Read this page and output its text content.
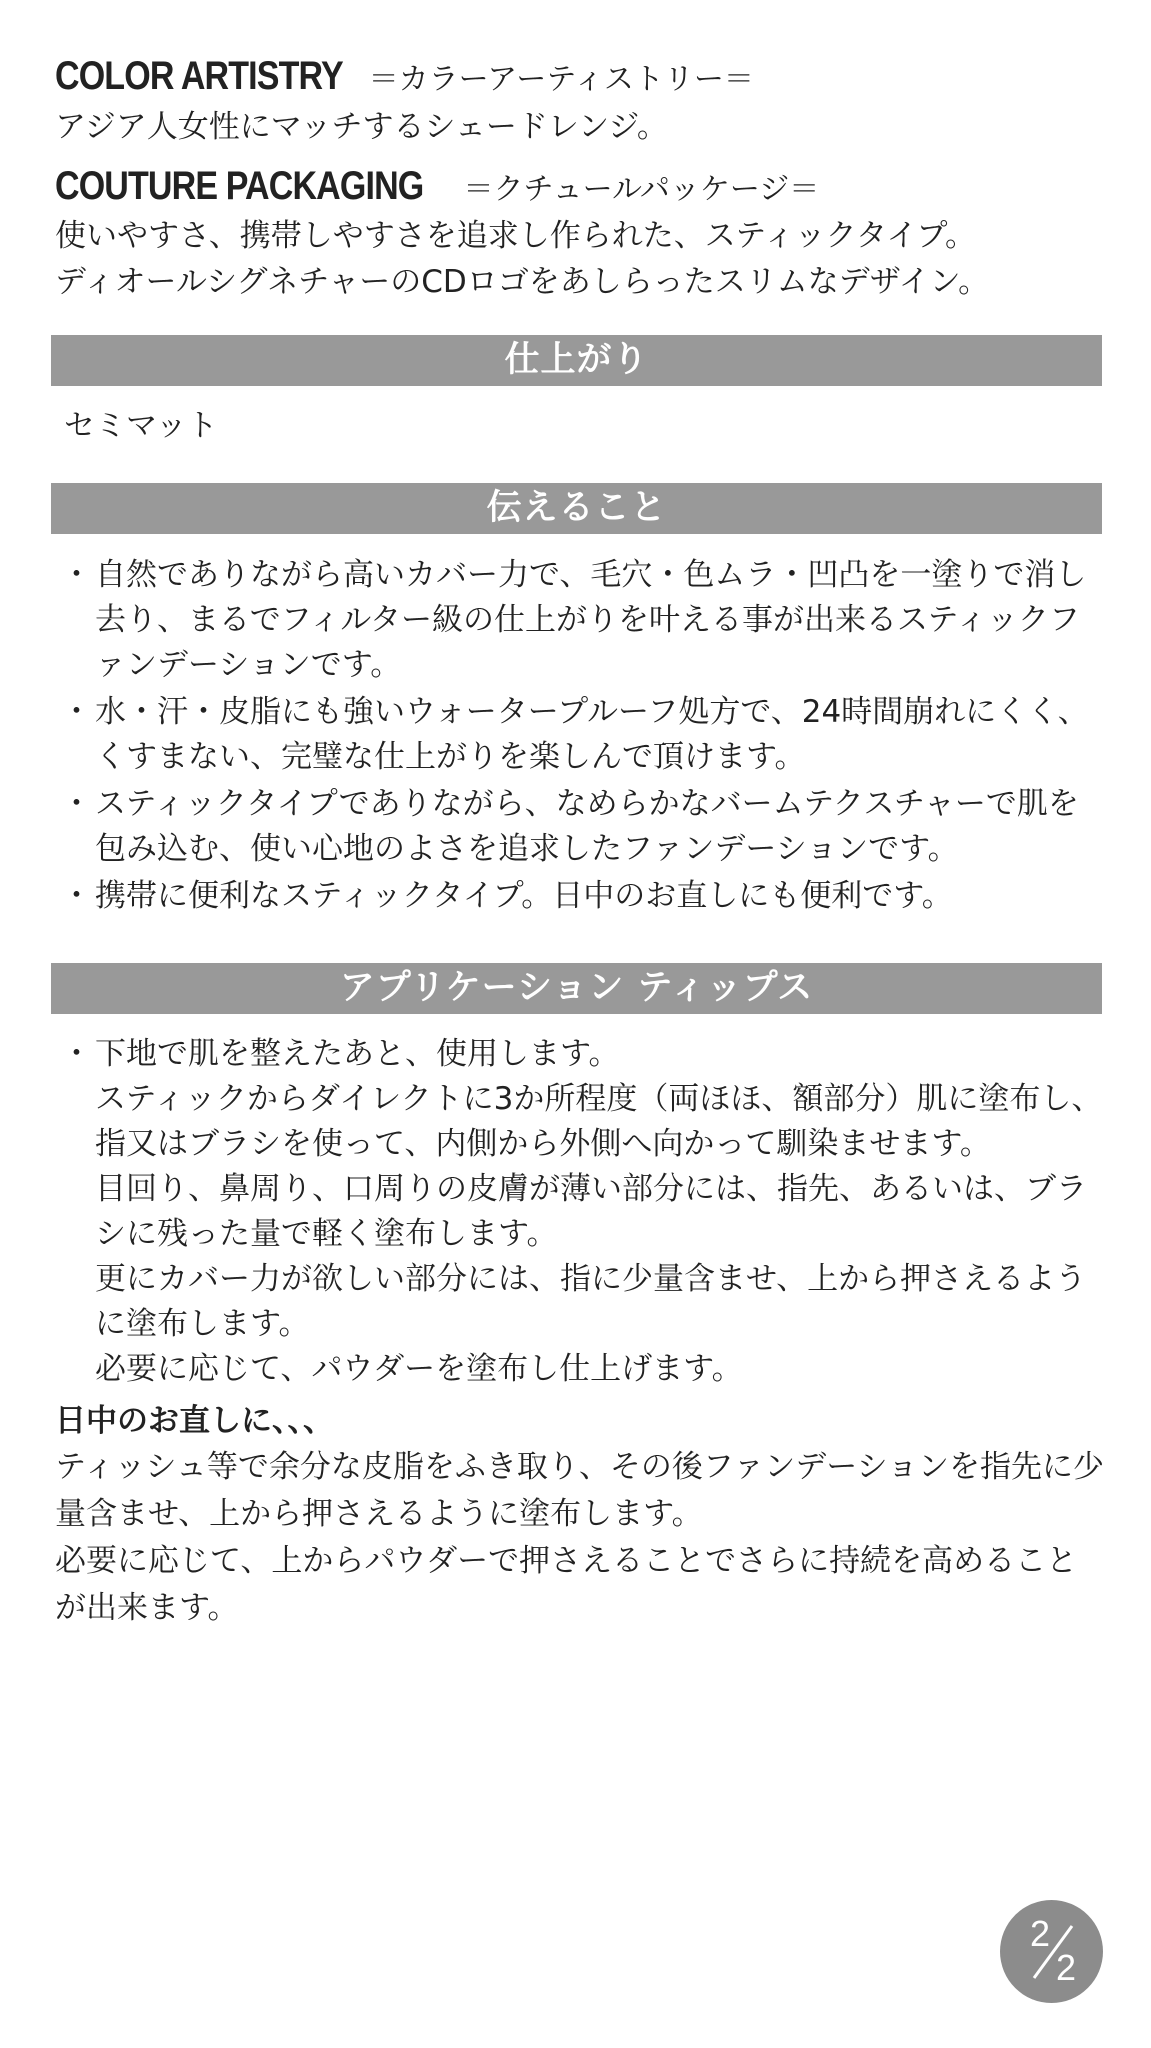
COLOR ARTISTRY ＝カラーアーティストリー＝
アジア人女性にマッチするシェードレンジ。
COUTURE PACKAGING ＝クチュールパッケージ＝
使いやすさ、携帯しやすさを追求し作られた、スティックタイプ。
ディオールシグネチャーのCDロゴをあしらったスリムなデザイン。
仕上がり
セミマット
伝えること
・ 自然でありながら高いカバー力で、毛穴・色ムラ・凹凸を一塗りで消し去り、まるでフィルター級の仕上がりを叶える事が出来るスティックファンデーションです。
・ 水・汗・皮脂にも強いウォータープルーフ処方で、24時間崩れにくく、くすまない、完璧な仕上がりを楽しんで頂けます。
・ スティックタイプでありながら、なめらかなバームテクスチャーで肌を包み込む、使い心地のよさを追求したファンデーションです。
・ 携帯に便利なスティックタイプ。日中のお直しにも便利です。
アプリケーション ティップス
・ 下地で肌を整えたあと、使用します。
スティックからダイレクトに3か所程度（両ほほ、額部分）肌に塗布し、指又はブラシを使って、内側から外側へ向かって馴染ませます。
目回り、鼻周り、口周りの皮膚が薄い部分には、指先、あるいは、ブラシに残った量で軽く塗布します。
更にカバー力が欲しい部分には、指に少量含ませ、上から押さえるように塗布します。
必要に応じて、パウダーを塗布し仕上げます。
日中のお直しに、、、
ティッシュ等で余分な皮脂をふき取り、その後ファンデーションを指先に少量含ませ、上から押さえるように塗布します。
必要に応じて、上からパウダーで押さえることでさらに持続を高めることが出来ます。
2
2
